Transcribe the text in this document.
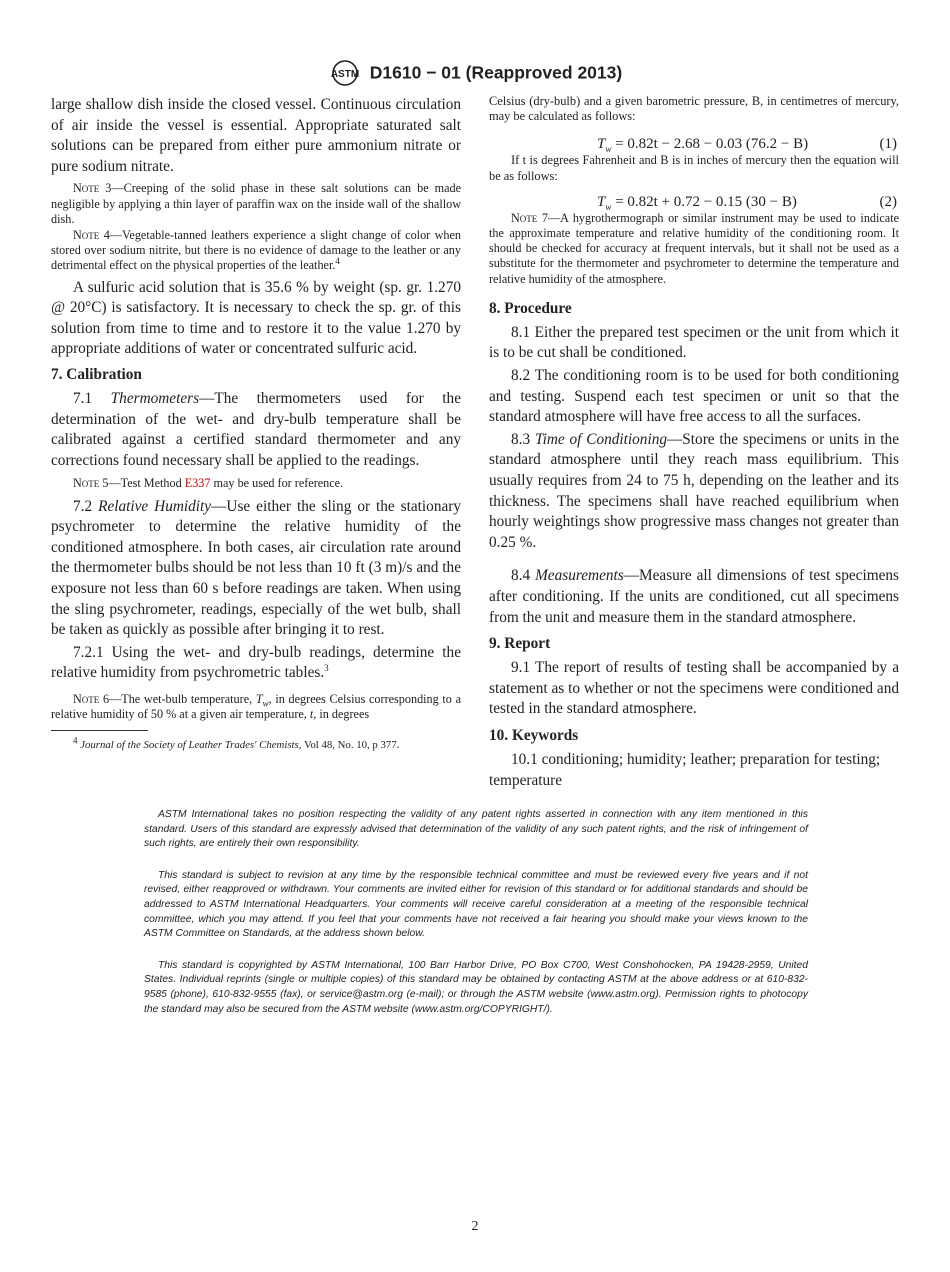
ASTM D1610 − 01 (Reapproved 2013)
large shallow dish inside the closed vessel. Continuous circulation of air inside the vessel is essential. Appropriate saturated salt solutions can be prepared from either pure ammonium nitrate or pure sodium nitrate.
Note 3—Creeping of the solid phase in these salt solutions can be made negligible by applying a thin layer of paraffin wax on the inside wall of the shallow dish.
Note 4—Vegetable-tanned leathers experience a slight change of color when stored over sodium nitrite, but there is no evidence of damage to the leather or any detrimental effect on the physical properties of the leather.$^4$
A sulfuric acid solution that is 35.6 % by weight (sp. gr. 1.270 @ 20°C) is satisfactory. It is necessary to check the sp. gr. of this solution from time to time and to restore it to the value 1.270 by appropriate additions of water or concentrated sulfuric acid.
7. Calibration
7.1 Thermometers—The thermometers used for the determination of the wet- and dry-bulb temperature shall be calibrated against a certified standard thermometer and any corrections found necessary shall be applied to the readings.
Note 5—Test Method E337 may be used for reference.
7.2 Relative Humidity—Use either the sling or the stationary psychrometer to determine the relative humidity of the conditioned atmosphere. In both cases, air circulation rate around the thermometer bulbs should be not less than 10 ft (3 m)/s and the exposure not less than 60 s before readings are taken. When using the sling psychrometer, readings, especially of the wet bulb, shall be taken as quickly as possible after bringing it to rest.
7.2.1 Using the wet- and dry-bulb readings, determine the relative humidity from psychrometric tables.$^3$
Note 6—The wet-bulb temperature, $T_w$, in degrees Celsius corresponding to a relative humidity of 50 % at a given air temperature, t, in degrees
$^4$ Journal of the Society of Leather Trades' Chemists, Vol 48, No. 10, p 377.
Celsius (dry-bulb) and a given barometric pressure, B, in centimetres of mercury, may be calculated as follows:
$T_w = 0.82t - 2.68 - 0.03$ (76.2 − B)	(1)
If t is degrees Fahrenheit and B is in inches of mercury then the equation will be as follows:
$T_w = 0.82t + 0.72 - 0.15$ (30 − B)	(2)
Note 7—A hygrothermograph or similar instrument may be used to indicate the approximate temperature and relative humidity of the conditioning room. It should be checked for accuracy at frequent intervals, but it shall not be used as a substitute for the thermometer and psychrometer to determine the temperature and relative humidity of the atmosphere.
8. Procedure
8.1 Either the prepared test specimen or the unit from which it is to be cut shall be conditioned.
8.2 The conditioning room is to be used for both conditioning and testing. Suspend each test specimen or unit so that the standard atmosphere will have free access to all the surfaces.
8.3 Time of Conditioning—Store the specimens or units in the standard atmosphere until they reach mass equilibrium. This usually requires from 24 to 75 h, depending on the leather and its thickness. The specimens shall have reached equilibrium when hourly weightings show progressive mass changes not greater than 0.25 %.
8.4 Measurements—Measure all dimensions of test specimens after conditioning. If the units are conditioned, cut all specimens from the unit and measure them in the standard atmosphere.
9. Report
9.1 The report of results of testing shall be accompanied by a statement as to whether or not the specimens were conditioned and tested in the standard atmosphere.
10. Keywords
10.1 conditioning; humidity; leather; preparation for testing; temperature

ASTM International takes no position respecting the validity of any patent rights asserted in connection with any item mentioned in this standard. Users of this standard are expressly advised that determination of the validity of any such patent rights, and the risk of infringement of such rights, are entirely their own responsibility.

This standard is subject to revision at any time by the responsible technical committee and must be reviewed every five years and if not revised, either reapproved or withdrawn. Your comments are invited either for revision of this standard or for additional standards and should be addressed to ASTM International Headquarters. Your comments will receive careful consideration at a meeting of the responsible technical committee, which you may attend. If you feel that your comments have not received a fair hearing you should make your views known to the ASTM Committee on Standards, at the address shown below.

This standard is copyrighted by ASTM International, 100 Barr Harbor Drive, PO Box C700, West Conshohocken, PA 19428-2959, United States. Individual reprints (single or multiple copies) of this standard may be obtained by contacting ASTM at the above address or at 610-832-9585 (phone), 610-832-9555 (fax), or service@astm.org (e-mail); or through the ASTM website (www.astm.org). Permission rights to photocopy the standard may also be secured from the ASTM website (www.astm.org/COPYRIGHT/).

2
